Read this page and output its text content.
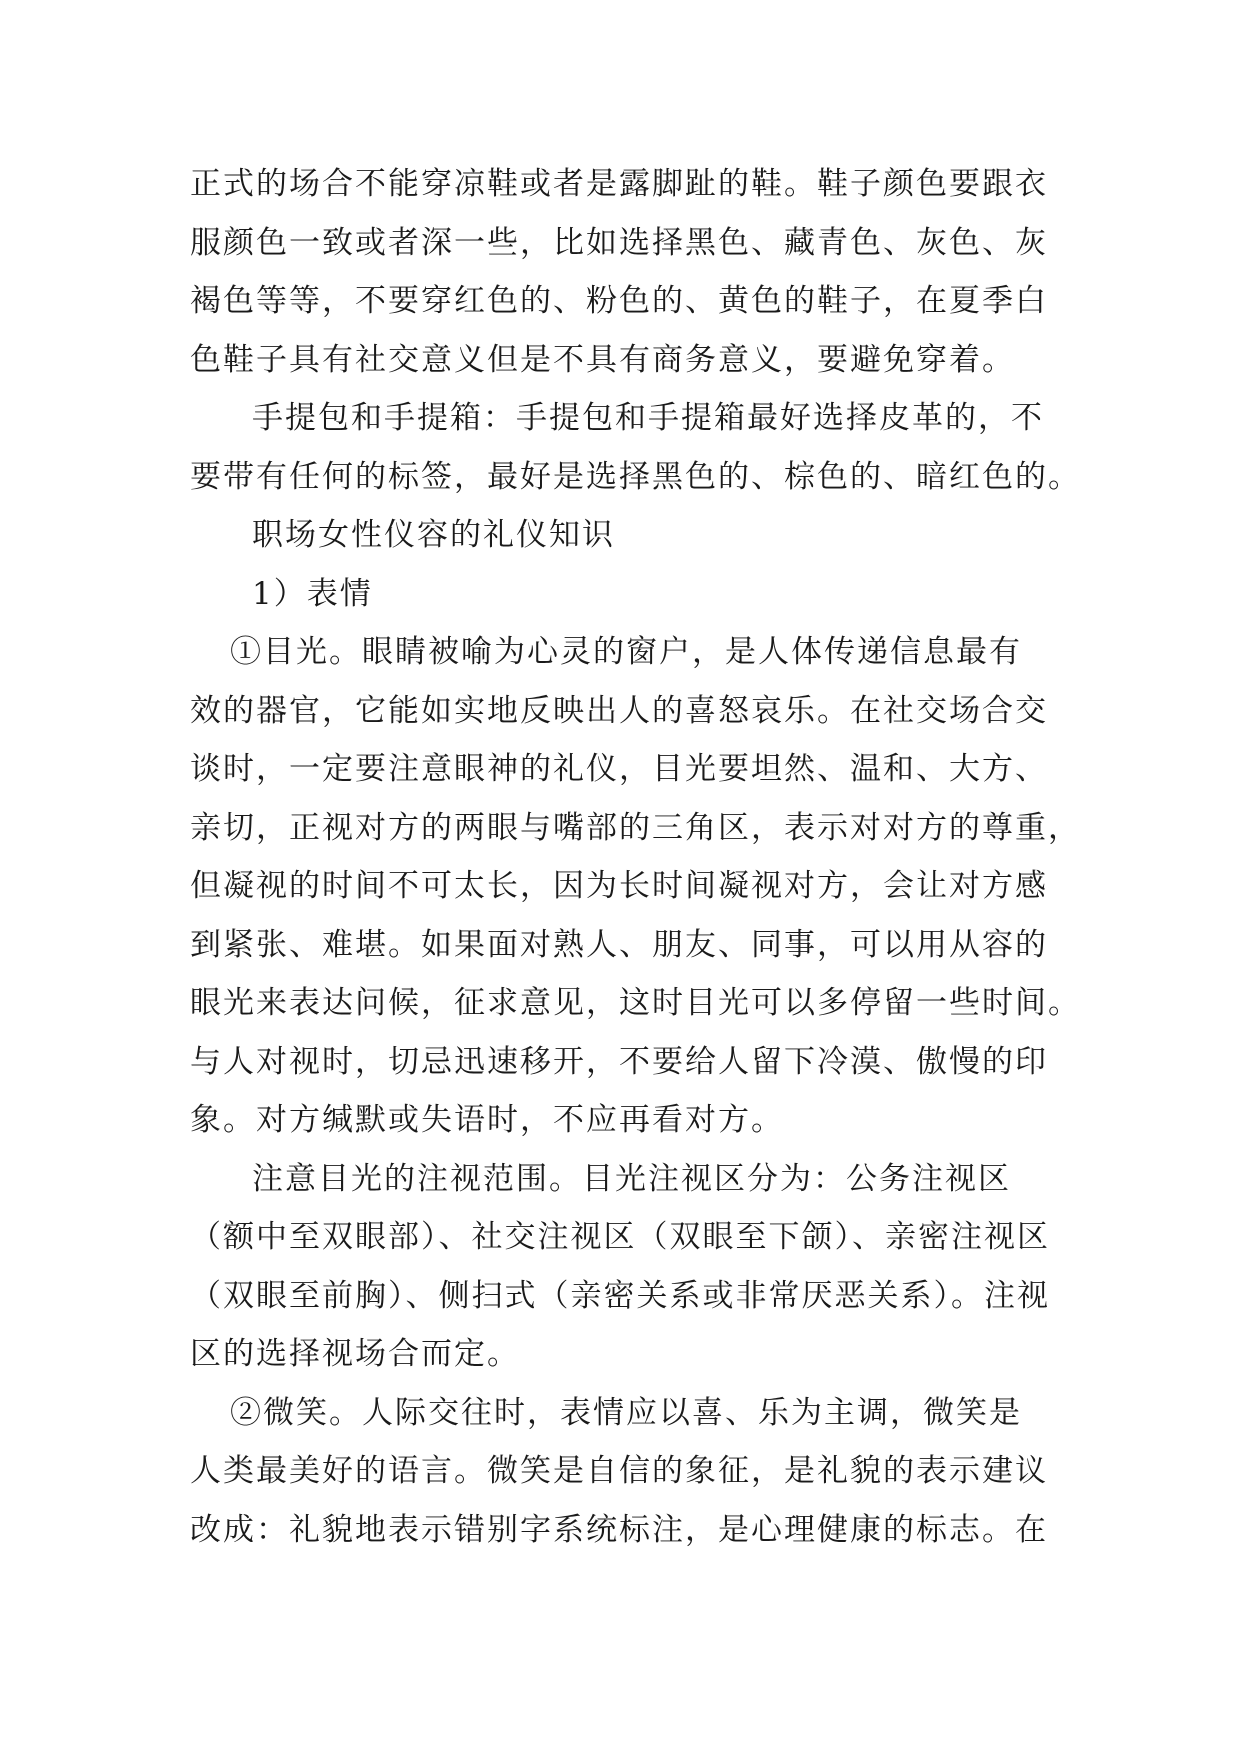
正式的场合不能穿凉鞋或者是露脚趾的鞋。鞋子颜色要跟衣
服颜色一致或者深一些，比如选择黑色、藏青色、灰色、灰
褐色等等，不要穿红色的、粉色的、黄色的鞋子，在夏季白
色鞋子具有社交意义但是不具有商务意义，要避免穿着。
手提包和手提箱：手提包和手提箱最好选择皮革的，不
要带有任何的标签，最好是选择黑色的、棕色的、暗红色的。
职场女性仪容的礼仪知识
1）表情
①目光。眼睛被喻为心灵的窗户，是人体传递信息最有
效的器官，它能如实地反映出人的喜怒哀乐。在社交场合交
谈时，一定要注意眼神的礼仪，目光要坦然、温和、大方、
亲切，正视对方的两眼与嘴部的三角区，表示对对方的尊重，
但凝视的时间不可太长，因为长时间凝视对方，会让对方感
到紧张、难堪。如果面对熟人、朋友、同事，可以用从容的
眼光来表达问候，征求意见，这时目光可以多停留一些时间。
与人对视时，切忌迅速移开，不要给人留下冷漠、傲慢的印
象。对方缄默或失语时，不应再看对方。
注意目光的注视范围。目光注视区分为：公务注视区
（额中至双眼部）、社交注视区（双眼至下颌）、亲密注视区
（双眼至前胸）、侧扫式（亲密关系或非常厌恶关系）。注视
区的选择视场合而定。
②微笑。人际交往时，表情应以喜、乐为主调，微笑是
人类最美好的语言。微笑是自信的象征，是礼貌的表示建议
改成：礼貌地表示错别字系统标注，是心理健康的标志。在
